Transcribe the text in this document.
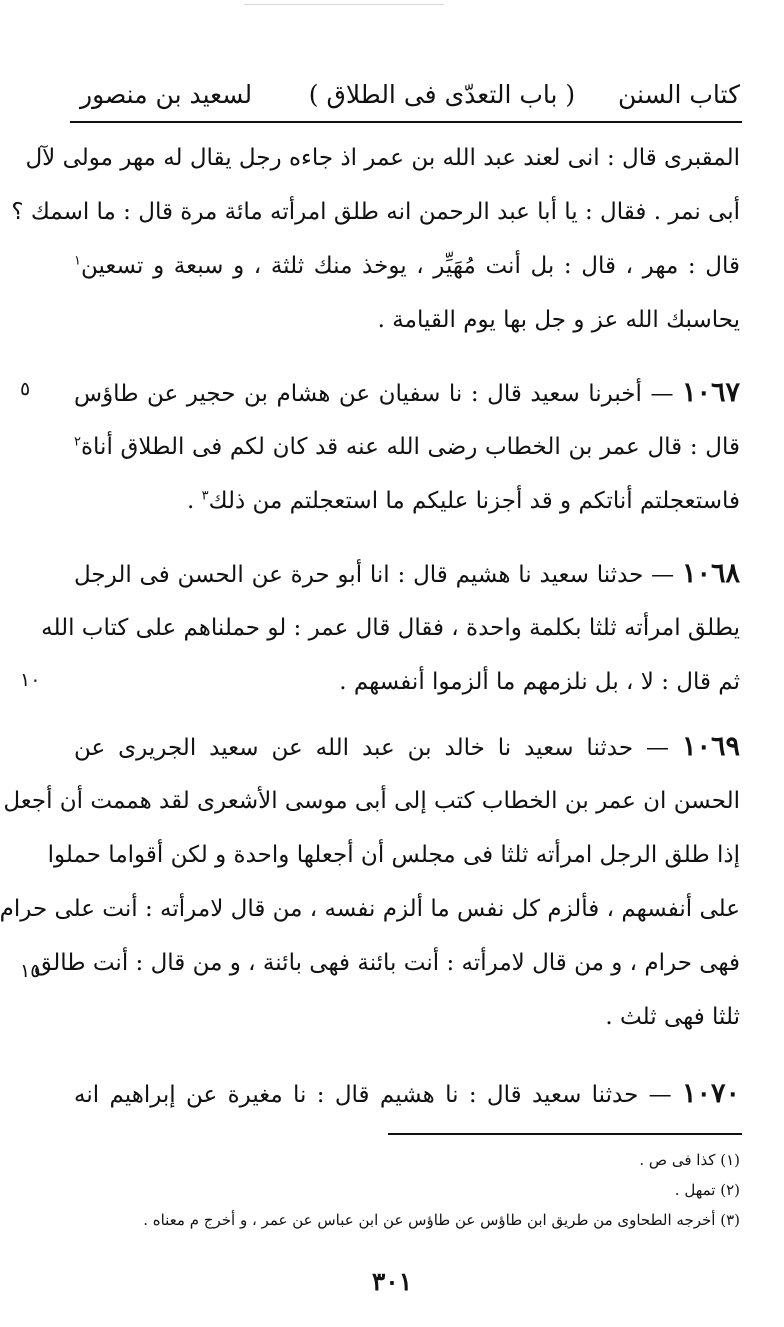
كتاب السنن
( باب التعدّى فى الطلاق )
لسعيد بن منصور
المقبرى قال : انى لعند عبد الله بن عمر اذ جاءه رجل يقال له مهر مولى لآل
أبى نمر . فقال : يا أبا عبد الرحمن انه طلق امرأته مائة مرة قال : ما اسمك ؟
قال : مهر ، قال : بل أنت مُهَيِّر ، يوخذ منك ثلثة ، و سبعة و تسعين$^١$
يحاسبك الله عز و جل بها يوم القيامة .
١٠٦٧ — أخبرنا سعيد قال : نا سفيان عن هشام بن حجير عن طاؤس
قال : قال عمر بن الخطاب رضى الله عنه قد كان لكم فى الطلاق أناة$^٢$
فاستعجلتم أناتكم و قد أجزنا عليكم ما استعجلتم من ذلك$^٣$ .
١٠٦٨ — حدثنا سعيد نا هشيم قال : انا أبو حرة عن الحسن فى الرجل
يطلق امرأته ثلثا بكلمة واحدة ، فقال قال عمر : لو حملناهم على كتاب الله
ثم قال : لا ، بل نلزمهم ما ألزموا أنفسهم .
١٠٦٩ — حدثنا سعيد نا خالد بن عبد الله عن سعيد الجريرى عن
الحسن ان عمر بن الخطاب كتب إلى أبى موسى الأشعرى لقد هممت أن أجعل
إذا طلق الرجل امرأته ثلثا فى مجلس أن أجعلها واحدة و لكن أقواما حملوا
على أنفسهم ، فألزم كل نفس ما ألزم نفسه ، من قال لامرأته : أنت على حرام
فهى حرام ، و من قال لامرأته : أنت بائنة فهى بائنة ، و من قال : أنت طالق
ثلثا فهى ثلث .
١٠٧٠ — حدثنا سعيد قال : نا هشيم قال : نا مغيرة عن إبراهيم انه
٥
١٠
١٥
(١) كذا فى ص .
(٢) تمهل .
(٣) أخرجه الطحاوى من طريق ابن طاؤس عن طاؤس عن ابن عباس عن عمر ، و أخرج م معناه .
٣٠١
